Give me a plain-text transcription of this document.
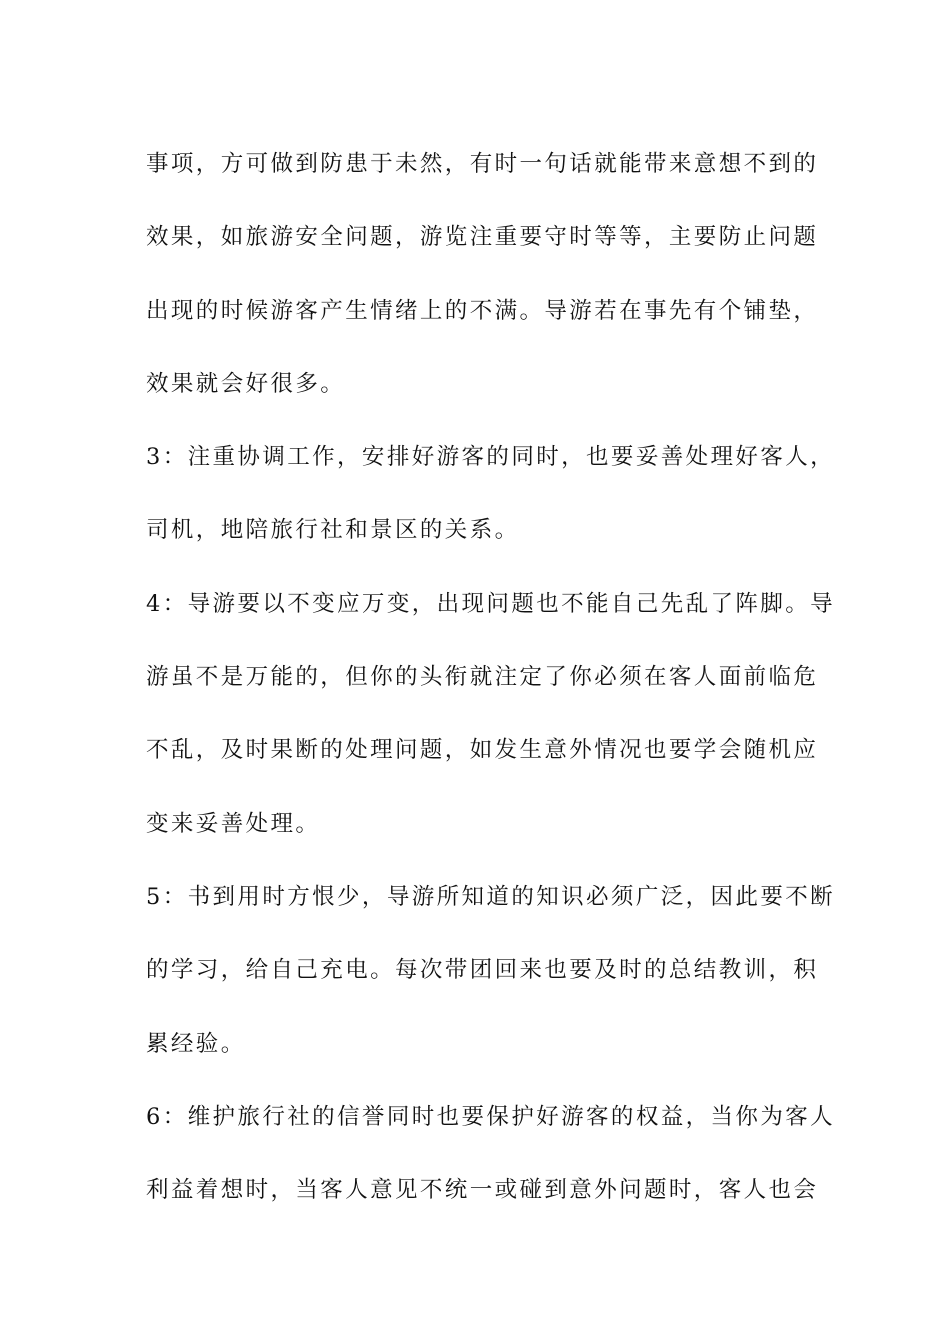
事项，方可做到防患于未然，有时一句话就能带来意想不到的
效果，如旅游安全问题，游览注重要守时等等，主要防止问题
出现的时候游客产生情绪上的不满。导游若在事先有个铺垫，
效果就会好很多。
3：注重协调工作，安排好游客的同时，也要妥善处理好客人，
司机，地陪旅行社和景区的关系。
4：导游要以不变应万变，出现问题也不能自己先乱了阵脚。导
游虽不是万能的，但你的头衔就注定了你必须在客人面前临危
不乱，及时果断的处理问题，如发生意外情况也要学会随机应
变来妥善处理。
5：书到用时方恨少，导游所知道的知识必须广泛，因此要不断
的学习，给自己充电。每次带团回来也要及时的总结教训，积
累经验。
6：维护旅行社的信誉同时也要保护好游客的权益，当你为客人
利益着想时，当客人意见不统一或碰到意外问题时，客人也会
